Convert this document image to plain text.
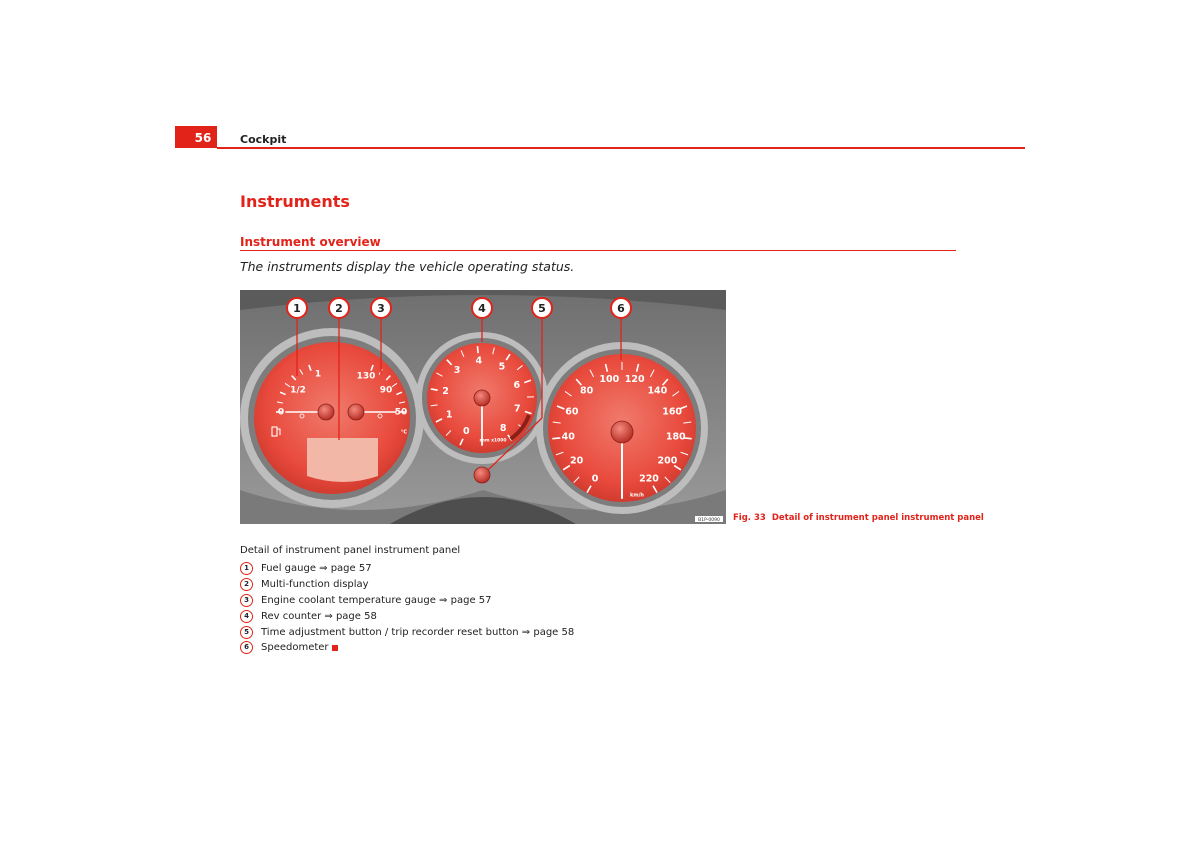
56	Cockpit
Instruments
Instrument overview
The instruments display the vehicle operating status.
0
1/2
1
50
90
130
°C	0
1
2
3
4
5
6
7
8
rpm x1000
0
20
40
60
80
100 120
140
160
180
200
220
km/h
1	2	3	4	5	6
B1P-0090 Fig. 33 Detail of instrument panel instrument panel
Detail of instrument panel instrument panel
1	Fuel gauge ⇒ page 57
2	Multi-function display
3	Engine coolant temperature gauge ⇒ page 57
4	Rev counter ⇒ page 58
5	Time adjustment button / trip recorder reset button ⇒ page 58
6	Speedometer
